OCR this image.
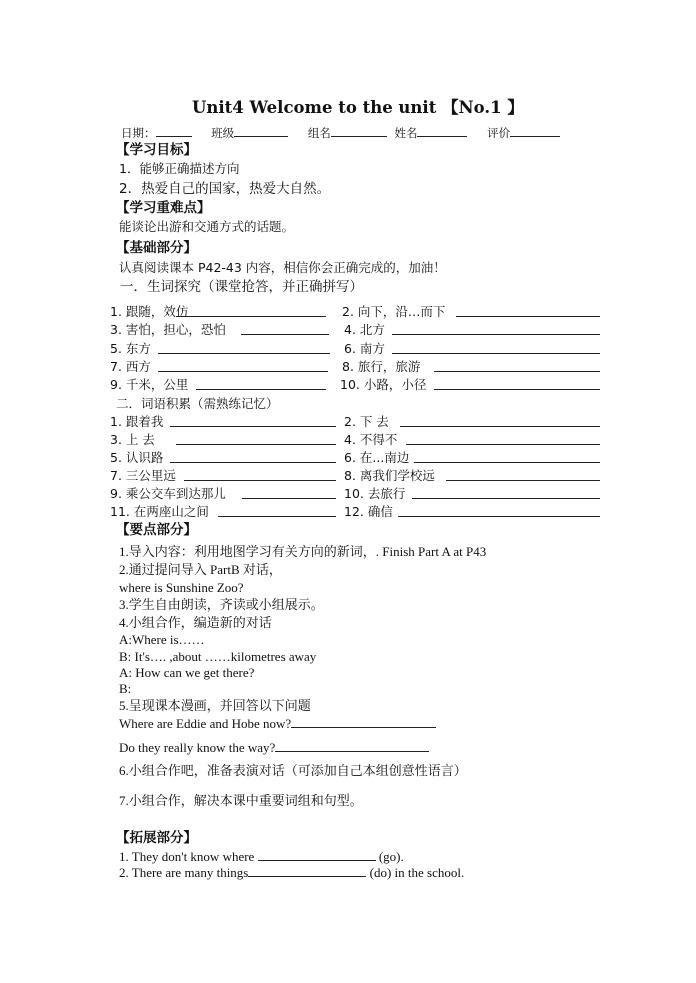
Unit4 Welcome to the unit 【No.1 】
日期：	班级	组名	姓名	评价
【学习目标】
1．能够正确描述方向
2．热爱自己的国家，热爱大自然。
【学习重难点】
能谈论出游和交通方式的话题。
【基础部分】
认真阅读课本 P42-43 内容，相信你会正确完成的，加油！
一．生词探究（课堂抢答，并正确拼写）
1. 跟随，效仿	2. 向下，沿…而下
3. 害怕，担心，恐怕	4. 北方
5. 东方	6. 南方
7. 西方	8. 旅行，旅游
9. 千米，公里	10. 小路，小径
二．词语积累（需熟练记忆）
1. 跟着我	2. 下 去
3. 上 去	4. 不得不
5. 认识路	6. 在...南边
7. 三公里远	8. 离我们学校远
9. 乘公交车到达那儿	10. 去旅行
11. 在两座山之间	12. 确信
【要点部分】
1.导入内容：利用地图学习有关方向的新词，. Finish Part A at P43
2.通过提问导入 PartB 对话，
where is Sunshine Zoo?
3.学生自由朗读，齐读或小组展示。
4.小组合作，编造新的对话
A:Where is……
B: It's…. ,about ……kilometres away
A: How can we get there?
B:
5.呈现课本漫画，并回答以下问题
Where are Eddie and Hobe now?
Do they really know the way?
6.小组合作吧，准备表演对话（可添加自己本组创意性语言）
7.小组合作，解决本课中重要词组和句型。
【拓展部分】
1. They don't know where	(go).
2. There are many things	(do) in the school.
